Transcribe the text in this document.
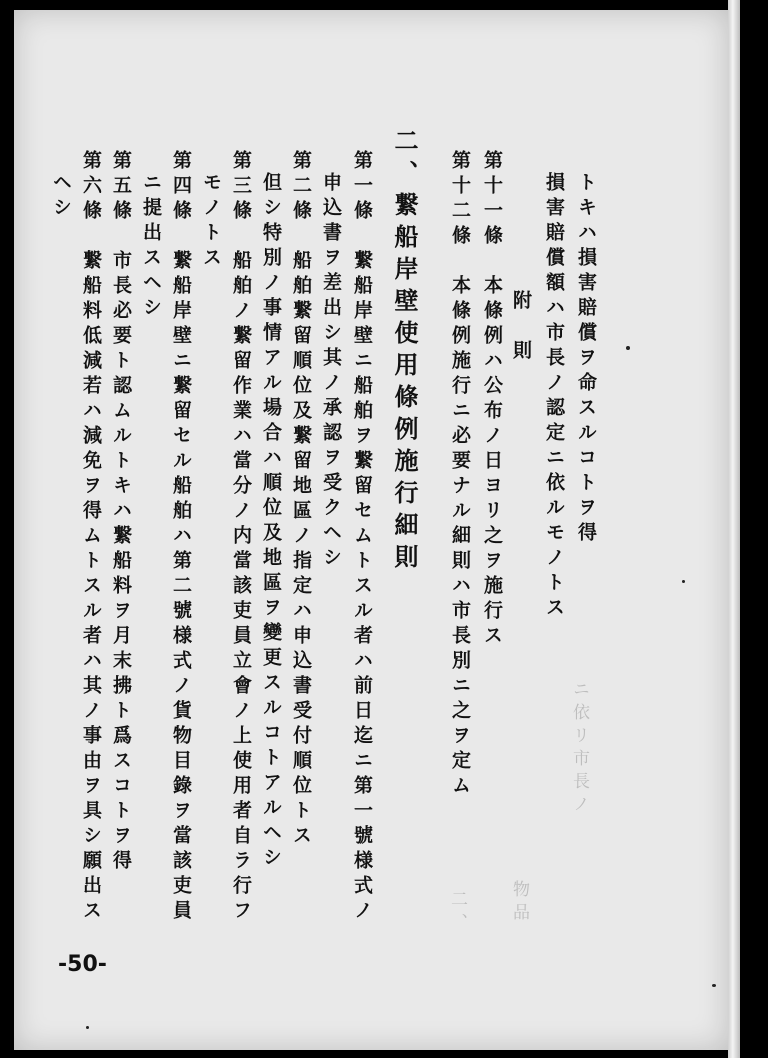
ニ依リ市長ノ
物品
二、
トキハ損害賠償ヲ命スルコトヲ得
損害賠償額ハ市長ノ認定ニ依ルモノトス
附　則
第十一條　本條例ハ公布ノ日ヨリ之ヲ施行ス
第十二條　本條例施行ニ必要ナル細則ハ市長別ニ之ヲ定ム
二、繋船岸壁使用條例施行細則
第一條　繋船岸壁ニ船舶ヲ繋留セムトスル者ハ前日迄ニ第一號様式ノ
申込書ヲ差出シ其ノ承認ヲ受クヘシ
第二條　船舶繋留順位及繋留地區ノ指定ハ申込書受付順位トス
但シ特別ノ事情アル場合ハ順位及地區ヲ變更スルコトアルヘシ
第三條　船舶ノ繋留作業ハ當分ノ内當該吏員立會ノ上使用者自ラ行フ
モノトス
第四條　繋船岸壁ニ繋留セル船舶ハ第二號様式ノ貨物目錄ヲ當該吏員
ニ提出スヘシ
第五條　市長必要ト認ムルトキハ繋船料ヲ月末拂ト爲スコトヲ得
第六條　繋船料低減若ハ減免ヲ得ムトスル者ハ其ノ事由ヲ具シ願出ス
ヘシ
-50-
